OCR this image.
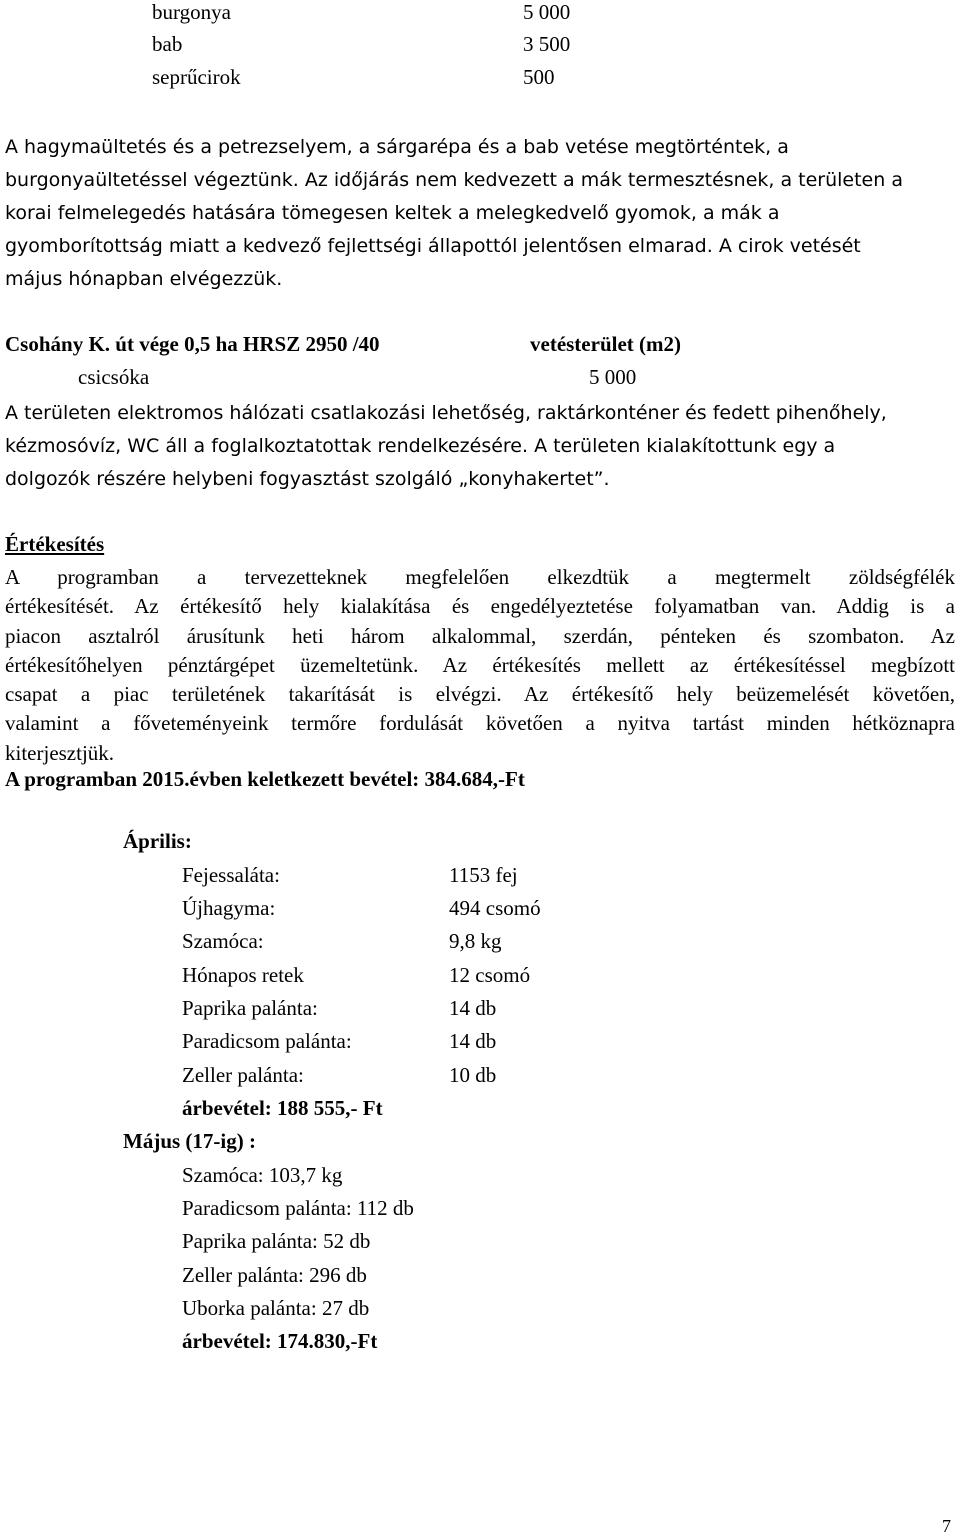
burgonya	5 000
bab	3 500
seprűcirok	500
A hagymaültetés és a petrezselyem, a sárgarépa és a bab vetése megtörténtek, a
burgonyaültetéssel végeztünk. Az időjárás nem kedvezett a mák termesztésnek, a területen a
korai felmelegedés hatására tömegesen keltek a melegkedvelő gyomok, a mák a
gyomborítottság miatt a kedvező fejlettségi állapottól jelentősen elmarad. A cirok vetését
május hónapban elvégezzük.
Csohány K. út vége 0,5 ha HRSZ 2950 /40	vetésterület (m2)
csicsóka	5 000
A területen elektromos hálózati csatlakozási lehetőség, raktárkonténer és fedett pihenőhely,
kézmosóvíz, WC áll a foglalkoztatottak rendelkezésére. A területen kialakítottunk egy a
dolgozók részére helybeni fogyasztást szolgáló „konyhakertet”.
Értékesítés
A programban a tervezetteknek megfelelően elkezdtük a megtermelt zöldségfélék
értékesítését. Az értékesítő hely kialakítása és engedélyeztetése folyamatban van. Addig is a
piacon asztalról árusítunk heti három alkalommal, szerdán, pénteken és szombaton. Az
értékesítőhelyen pénztárgépet üzemeltetünk. Az értékesítés mellett az értékesítéssel megbízott
csapat a piac területének takarítását is elvégzi. Az értékesítő hely beüzemelését követően,
valamint a főveteményeink termőre fordulását követően a nyitva tartást minden hétköznapra
kiterjesztjük.
A programban 2015.évben keletkezett bevétel: 384.684,-Ft
Április:
Fejessaláta:	1153 fej
Újhagyma:	494 csomó
Szamóca:	9,8 kg
Hónapos retek	12 csomó
Paprika palánta:	14 db
Paradicsom palánta:	14 db
Zeller palánta:	10 db
árbevétel: 188 555,- Ft
Május (17-ig) :
Szamóca: 103,7 kg
Paradicsom palánta: 112 db
Paprika palánta: 52 db
Zeller palánta: 296 db
Uborka palánta: 27 db
árbevétel: 174.830,-Ft
7
